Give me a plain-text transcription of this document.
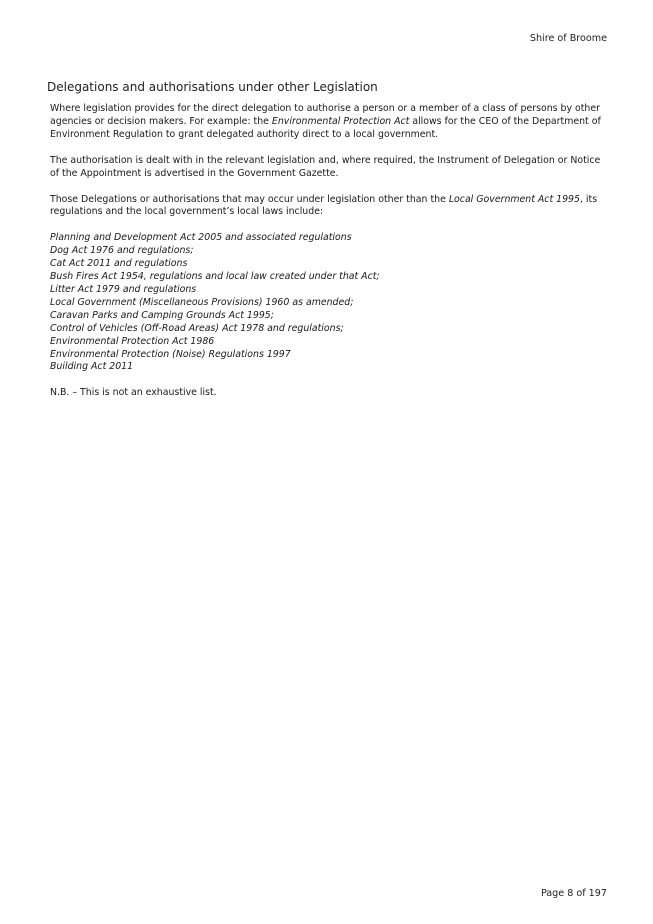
Shire of Broome
Delegations and authorisations under other Legislation

Where legislation provides for the direct delegation to authorise a person or a member of a class of persons by other agencies or decision makers. For example: the Environmental Protection Act allows for the CEO of the Department of Environment Regulation to grant delegated authority direct to a local government.

The authorisation is dealt with in the relevant legislation and, where required, the Instrument of Delegation or Notice of the Appointment is advertised in the Government Gazette.

Those Delegations or authorisations that may occur under legislation other than the Local Government Act 1995, its regulations and the local government’s local laws include:

Planning and Development Act 2005 and associated regulations
Dog Act 1976 and regulations;
Cat Act 2011 and regulations
Bush Fires Act 1954, regulations and local law created under that Act;
Litter Act 1979 and regulations
Local Government (Miscellaneous Provisions) 1960 as amended;
Caravan Parks and Camping Grounds Act 1995;
Control of Vehicles (Off-Road Areas) Act 1978 and regulations;
Environmental Protection Act 1986
Environmental Protection (Noise) Regulations 1997
Building Act 2011

N.B. – This is not an exhaustive list.

Page 8 of 197
